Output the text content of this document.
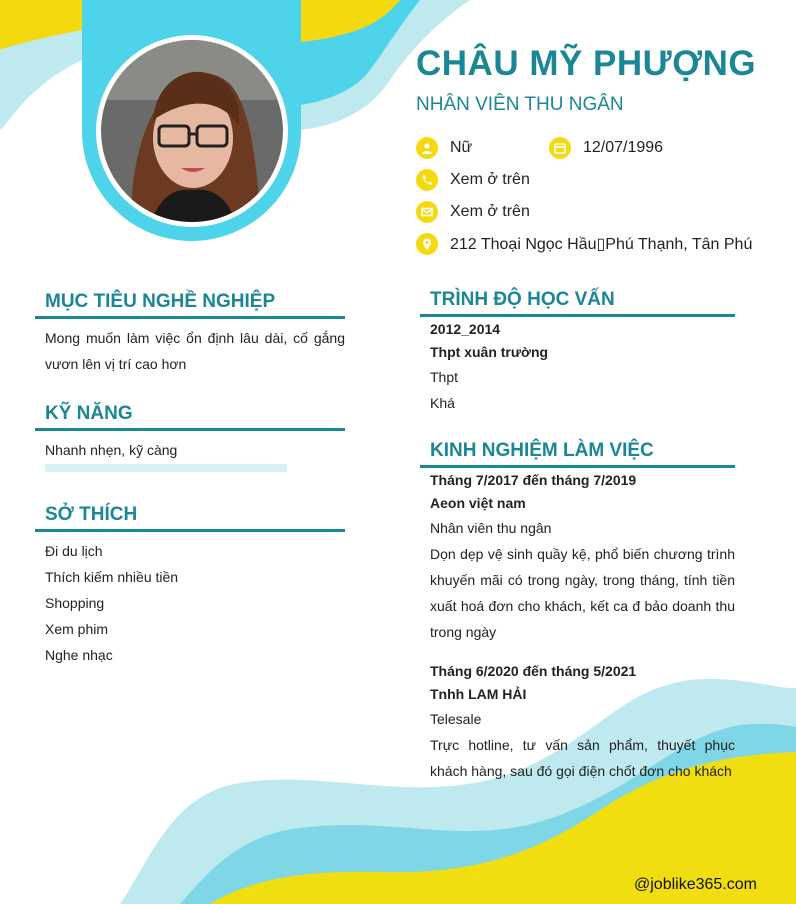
CHÂU MỸ PHƯỢNG
NHÂN VIÊN THU NGÂN
Nữ	12/07/1996
Xem ở trên
Xem ở trên
212 Thoại Ngọc Hầu▯Phú Thạnh, Tân Phú
MỤC TIÊU NGHỀ NGHIỆP
Mong muốn làm việc ổn định lâu dài, cố gắng vươn lên vị trí cao hơn
KỸ NĂNG
Nhanh nhẹn, kỹ càng
SỞ THÍCH
Đi du lịch
Thích kiếm nhiều tiền
Shopping
Xem phim
Nghe nhạc
TRÌNH ĐỘ HỌC VẤN
2012_2014
Thpt xuân trường
Thpt
Khá
KINH NGHIỆM LÀM VIỆC
Tháng 7/2017 đến tháng 7/2019
Aeon việt nam
Nhân viên thu ngân
Dọn dẹp vệ sinh quầy kệ, phổ biến chương trình khuyến mãi có trong ngày, trong tháng, tính tiền xuất hoá đơn cho khách, kết ca đ bảo doanh thu trong ngày
Tháng 6/2020 đến tháng 5/2021
Tnhh LAM HẢI
Telesale
Trực hotline, tư vấn sản phẩm, thuyết phục khách hàng, sau đó gọi điện chốt đơn cho khách
@joblike365.com
